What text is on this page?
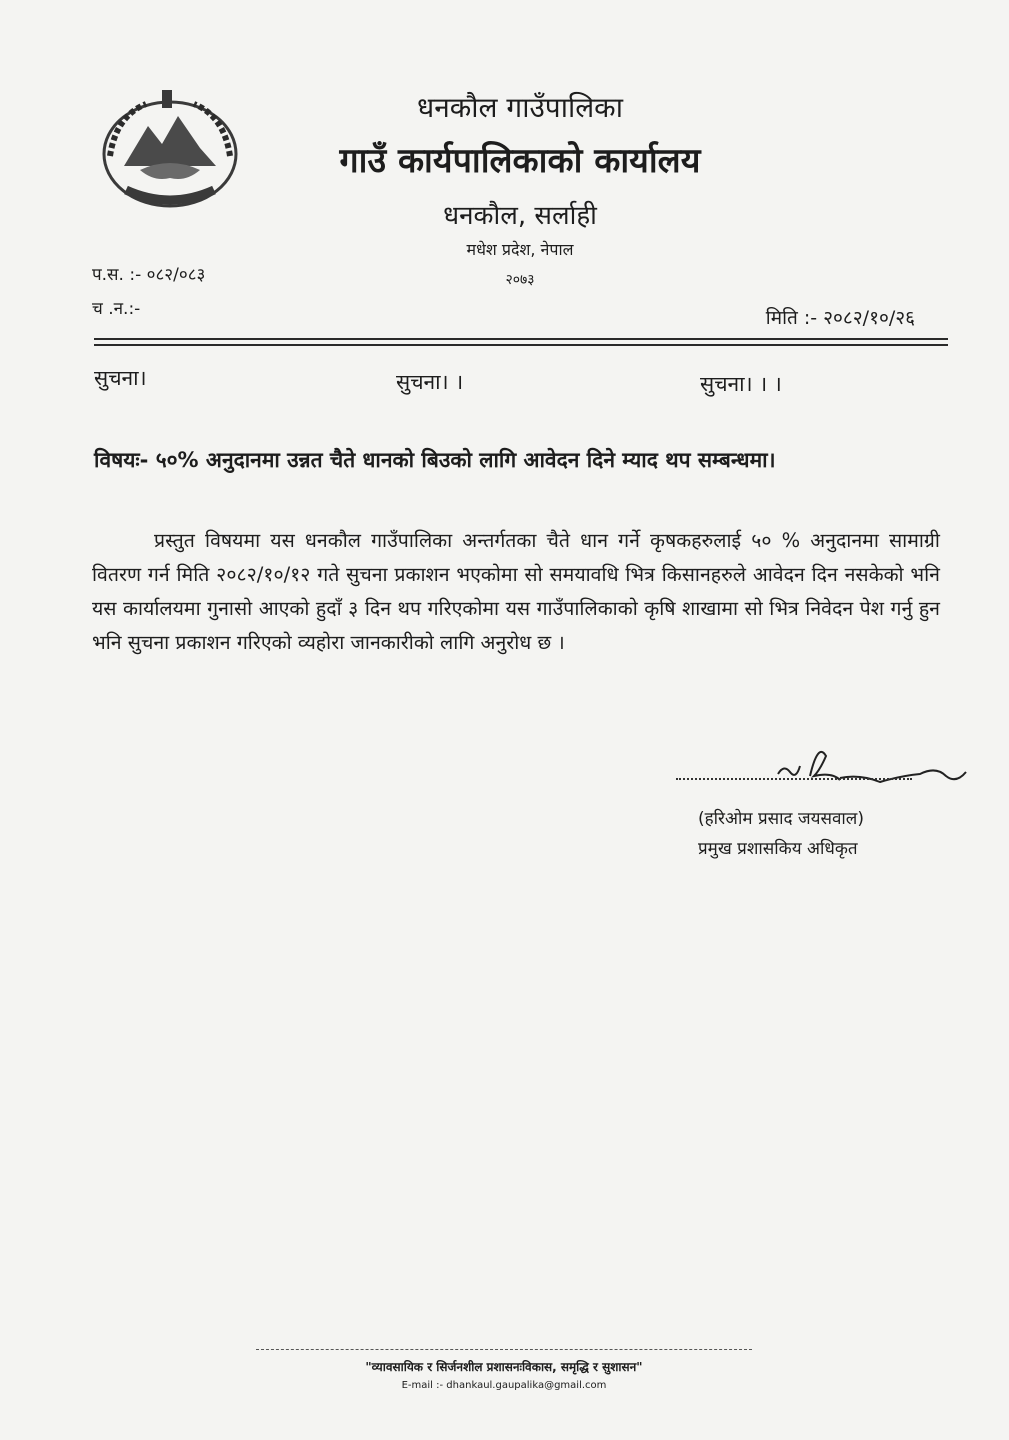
धनकौल गाउँपालिका
गाउँ कार्यपालिकाको कार्यालय
धनकौल, सर्लाही
मधेश प्रदेश, नेपाल
२०७३
प.स. :- ०८२/०८३
च .न.:-	मिति :- २०८२/१०/२६
सुचना।	सुचना। ।	सुचना। । ।
विषयः- ५०% अनुदानमा उन्नत चैते धानको बिउको लागि आवेदन दिने म्याद थप सम्बन्धमा।
प्रस्तुत विषयमा यस धनकौल गाउँपालिका अन्तर्गतका चैते धान गर्ने कृषकहरुलाई ५० % अनुदानमा सामाग्री वितरण गर्न मिति २०८२/१०/१२ गते सुचना प्रकाशन भएकोमा सो समयावधि भित्र किसानहरुले आवेदन दिन नसकेको भनि यस कार्यालयमा गुनासो आएको हुदाँ ३ दिन थप गरिएकोमा यस गाउँपालिकाको कृषि शाखामा सो भित्र निवेदन पेश गर्नु हुन भनि सुचना प्रकाशन गरिएको व्यहोरा जानकारीको लागि अनुरोध छ ।
(हरिओम प्रसाद जयसवाल)
प्रमुख प्रशासकिय अधिकृत
"व्यावसायिक र सिर्जनशील प्रशासनःविकास, समृद्धि र सुशासन"
E-mail :- dhankaul.gaupalika@gmail.com
